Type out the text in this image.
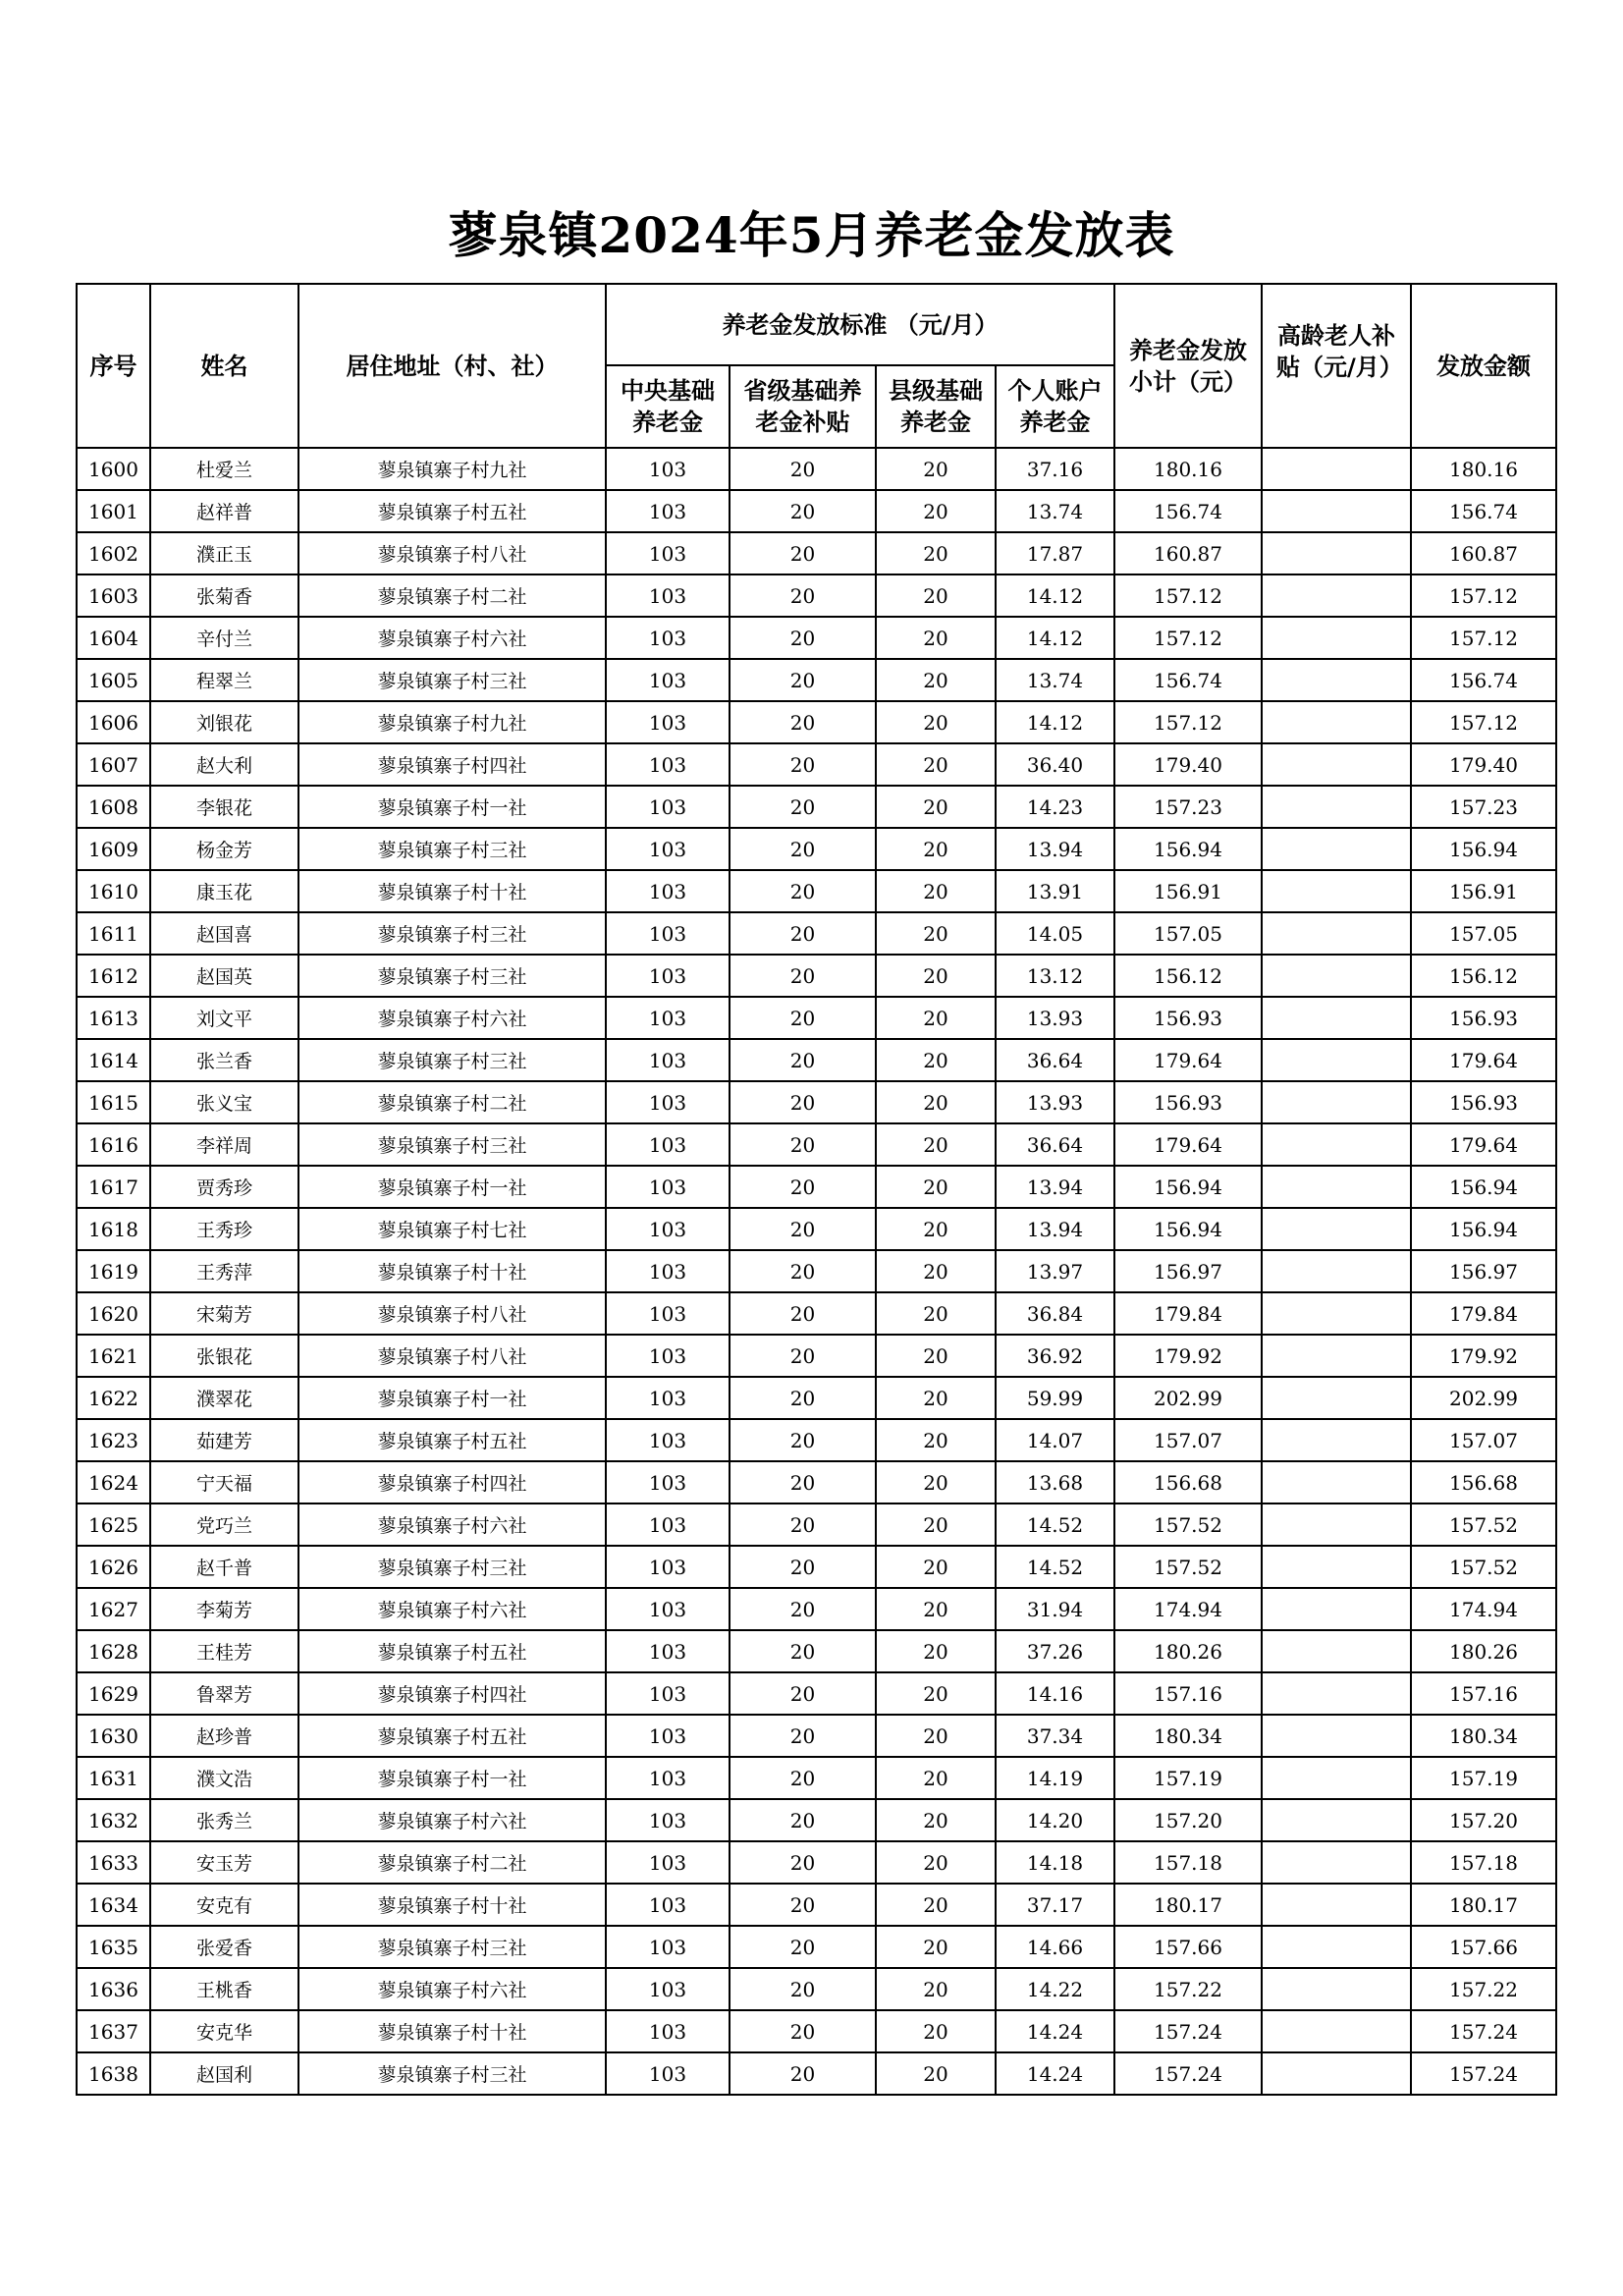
蓼泉镇2024年5月养老金发放表
序号	姓名	居住地址（村、社）	养老金发放标准 （元/月）				养老金发放小计（元）	高龄老人补贴（元/月）	发放金额
			中央基础养老金	省级基础养老金补贴	县级基础养老金	个人账户养老金			
1600	杜爱兰	蓼泉镇寨子村九社	103	20	20	37.16	180.16		180.16
1601	赵祥普	蓼泉镇寨子村五社	103	20	20	13.74	156.74		156.74
1602	濮正玉	蓼泉镇寨子村八社	103	20	20	17.87	160.87		160.87
1603	张菊香	蓼泉镇寨子村二社	103	20	20	14.12	157.12		157.12
1604	辛付兰	蓼泉镇寨子村六社	103	20	20	14.12	157.12		157.12
1605	程翠兰	蓼泉镇寨子村三社	103	20	20	13.74	156.74		156.74
1606	刘银花	蓼泉镇寨子村九社	103	20	20	14.12	157.12		157.12
1607	赵大利	蓼泉镇寨子村四社	103	20	20	36.40	179.40		179.40
1608	李银花	蓼泉镇寨子村一社	103	20	20	14.23	157.23		157.23
1609	杨金芳	蓼泉镇寨子村三社	103	20	20	13.94	156.94		156.94
1610	康玉花	蓼泉镇寨子村十社	103	20	20	13.91	156.91		156.91
1611	赵国喜	蓼泉镇寨子村三社	103	20	20	14.05	157.05		157.05
1612	赵国英	蓼泉镇寨子村三社	103	20	20	13.12	156.12		156.12
1613	刘文平	蓼泉镇寨子村六社	103	20	20	13.93	156.93		156.93
1614	张兰香	蓼泉镇寨子村三社	103	20	20	36.64	179.64		179.64
1615	张义宝	蓼泉镇寨子村二社	103	20	20	13.93	156.93		156.93
1616	李祥周	蓼泉镇寨子村三社	103	20	20	36.64	179.64		179.64
1617	贾秀珍	蓼泉镇寨子村一社	103	20	20	13.94	156.94		156.94
1618	王秀珍	蓼泉镇寨子村七社	103	20	20	13.94	156.94		156.94
1619	王秀萍	蓼泉镇寨子村十社	103	20	20	13.97	156.97		156.97
1620	宋菊芳	蓼泉镇寨子村八社	103	20	20	36.84	179.84		179.84
1621	张银花	蓼泉镇寨子村八社	103	20	20	36.92	179.92		179.92
1622	濮翠花	蓼泉镇寨子村一社	103	20	20	59.99	202.99		202.99
1623	茹建芳	蓼泉镇寨子村五社	103	20	20	14.07	157.07		157.07
1624	宁天福	蓼泉镇寨子村四社	103	20	20	13.68	156.68		156.68
1625	党巧兰	蓼泉镇寨子村六社	103	20	20	14.52	157.52		157.52
1626	赵千普	蓼泉镇寨子村三社	103	20	20	14.52	157.52		157.52
1627	李菊芳	蓼泉镇寨子村六社	103	20	20	31.94	174.94		174.94
1628	王桂芳	蓼泉镇寨子村五社	103	20	20	37.26	180.26		180.26
1629	鲁翠芳	蓼泉镇寨子村四社	103	20	20	14.16	157.16		157.16
1630	赵珍普	蓼泉镇寨子村五社	103	20	20	37.34	180.34		180.34
1631	濮文浩	蓼泉镇寨子村一社	103	20	20	14.19	157.19		157.19
1632	张秀兰	蓼泉镇寨子村六社	103	20	20	14.20	157.20		157.20
1633	安玉芳	蓼泉镇寨子村二社	103	20	20	14.18	157.18		157.18
1634	安克有	蓼泉镇寨子村十社	103	20	20	37.17	180.17		180.17
1635	张爱香	蓼泉镇寨子村三社	103	20	20	14.66	157.66		157.66
1636	王桃香	蓼泉镇寨子村六社	103	20	20	14.22	157.22		157.22
1637	安克华	蓼泉镇寨子村十社	103	20	20	14.24	157.24		157.24
1638	赵国利	蓼泉镇寨子村三社	103	20	20	14.24	157.24		157.24
